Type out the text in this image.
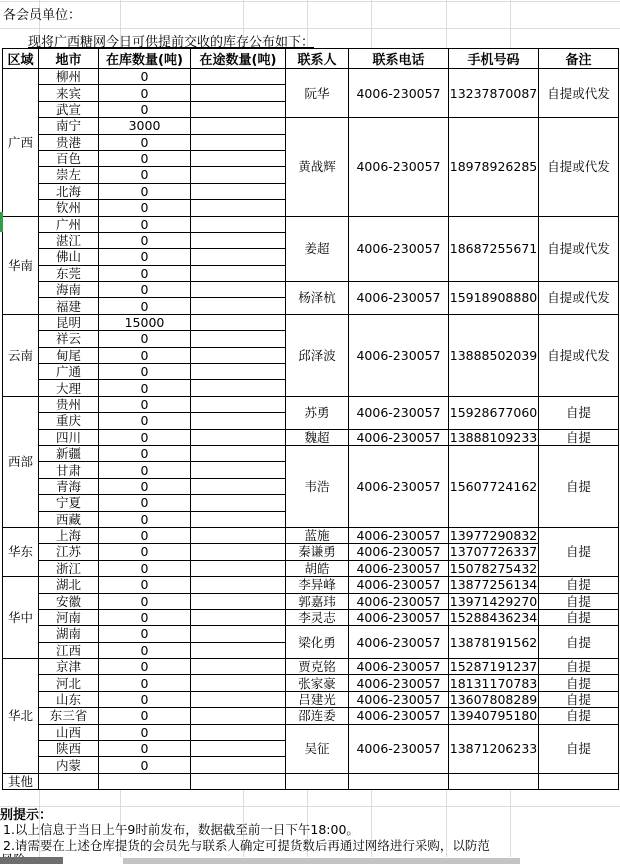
各会员单位：
现将广西糖网今日可供提前交收的库存公布如下：
区域	地市	在库数量(吨)	在途数量(吨)	联系人	联系电话	手机号码	备注
广西	柳州	0		阮华	4006-230057	13237870087	自提或代发
	来宾	0					
	武宣	0					
	南宁	3000		黄战辉	4006-230057	18978926285	自提或代发
	贵港	0					
	百色	0					
	崇左	0					
	北海	0					
	钦州	0					
华南	广州	0		姜超	4006-230057	18687255671	自提或代发
	湛江	0					
	佛山	0					
	东莞	0					
	海南	0		杨泽杭	4006-230057	15918908880	自提或代发
	福建	0					
云南	昆明	15000		邱泽波	4006-230057	13888502039	自提或代发
	祥云	0					
	甸尾	0					
	广通	0					
	大理	0					
西部	贵州	0		苏勇	4006-230057	15928677060	自提
	重庆	0					
	四川	0		魏超	4006-230057	13888109233	自提
	新疆	0		韦浩	4006-230057	15607724162	自提
	甘肃	0					
	青海	0					
	宁夏	0					
	西藏	0					
华东	上海	0		蓝施	4006-230057	13977290832	自提
	江苏	0		秦谦勇	4006-230057	13707726337	
	浙江	0		胡皓	4006-230057	15078275432	
华中	湖北	0		李异峰	4006-230057	13877256134	自提
	安徽	0		郭嘉玮	4006-230057	13971429270	自提
	河南	0		李灵志	4006-230057	15288436234	自提
	湖南	0		梁化勇	4006-230057	13878191562	自提
	江西	0					
华北	京津	0		贾克铭	4006-230057	15287191237	自提
	河北	0		张家豪	4006-230057	18131170783	自提
	山东	0		吕建光	4006-230057	13607808289	自提
	东三省	0		邵连委	4006-230057	13940795180	自提
	山西	0		吴征	4006-230057	13871206233	自提
	陕西	0					
	内蒙	0					
其他							
别提示：
1.以上信息于当日上午9时前发布，数据截至前一日下午18:00。
2.请需要在上述仓库提货的会员先与联系人确定可提货数后再通过网络进行采购，以防范
